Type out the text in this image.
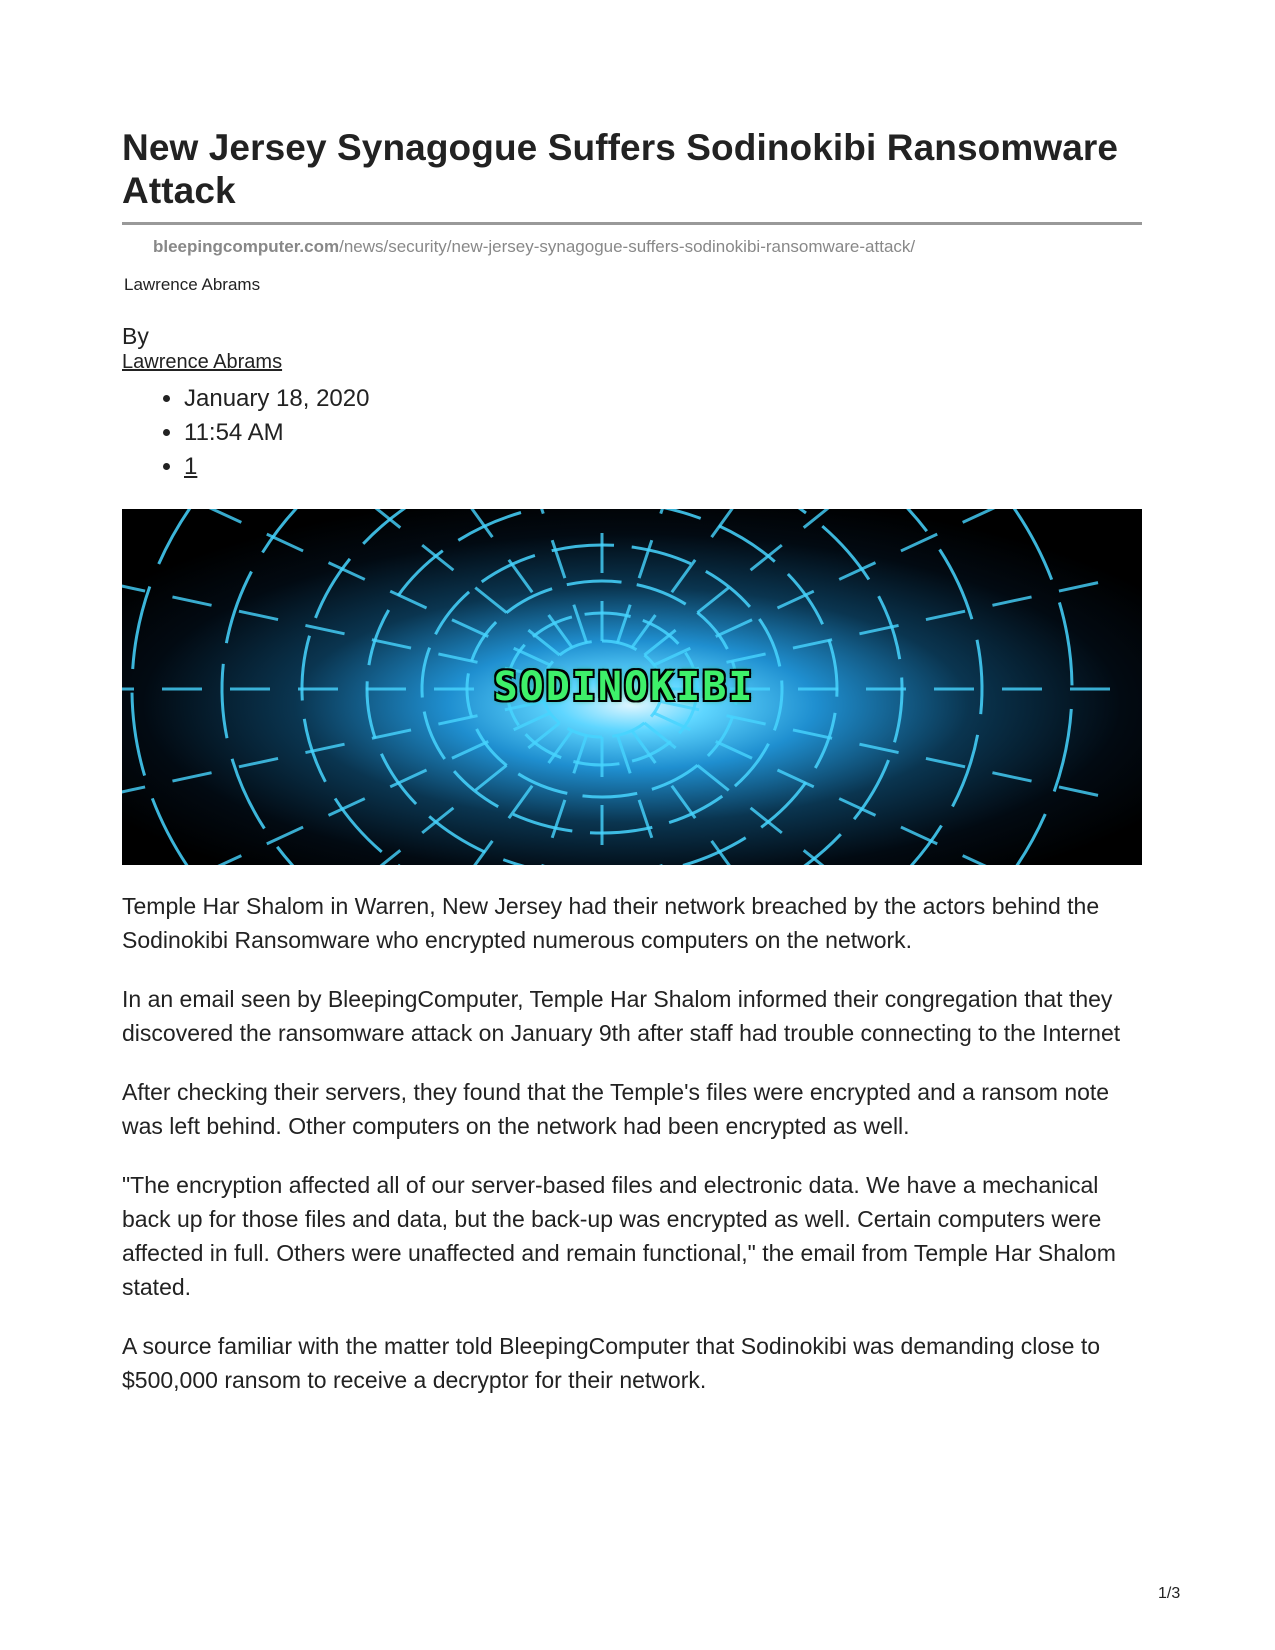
New Jersey Synagogue Suffers Sodinokibi Ransomware Attack
bleepingcomputer.com/news/security/new-jersey-synagogue-suffers-sodinokibi-ransomware-attack/
Lawrence Abrams
By
Lawrence Abrams
• January 18, 2020
• 11:54 AM
• 1
SODINOKIBI

Temple Har Shalom in Warren, New Jersey had their network breached by the actors behind the Sodinokibi Ransomware who encrypted numerous computers on the network.

In an email seen by BleepingComputer, Temple Har Shalom informed their congregation that they discovered the ransomware attack on January 9th after staff had trouble connecting to the Internet

After checking their servers, they found that the Temple's files were encrypted and a ransom note was left behind. Other computers on the network had been encrypted as well.

"The encryption affected all of our server-based files and electronic data. We have a mechanical back up for those files and data, but the back-up was encrypted as well. Certain computers were affected in full. Others were unaffected and remain functional," the email from Temple Har Shalom stated.

A source familiar with the matter told BleepingComputer that Sodinokibi was demanding close to $500,000 ransom to receive a decryptor for their network.

1/3
